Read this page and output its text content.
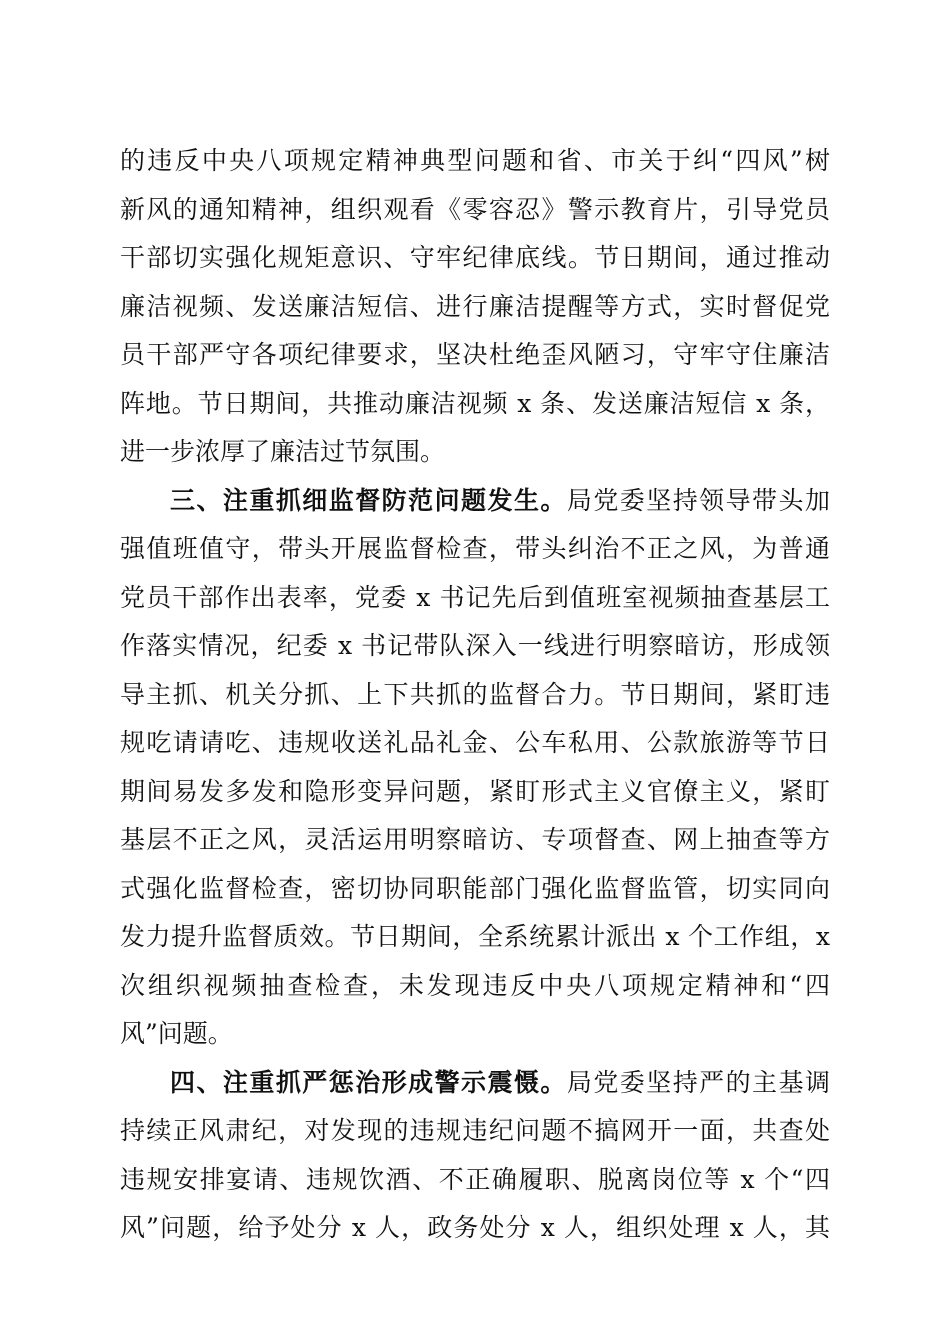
的违反中央八项规定精神典型问题和省、市关于纠“四风”树
新风的通知精神，组织观看《零容忍》警示教育片，引导党员
干部切实强化规矩意识、守牢纪律底线。节日期间，通过推动
廉洁视频、发送廉洁短信、进行廉洁提醒等方式，实时督促党
员干部严守各项纪律要求，坚决杜绝歪风陋习，守牢守住廉洁
阵地。节日期间，共推动廉洁视频 x 条、发送廉洁短信 x 条，
进一步浓厚了廉洁过节氛围。
三、注重抓细监督防范问题发生。局党委坚持领导带头加
强值班值守，带头开展监督检查，带头纠治不正之风，为普通
党员干部作出表率，党委 x 书记先后到值班室视频抽查基层工
作落实情况，纪委 x 书记带队深入一线进行明察暗访，形成领
导主抓、机关分抓、上下共抓的监督合力。节日期间，紧盯违
规吃请请吃、违规收送礼品礼金、公车私用、公款旅游等节日
期间易发多发和隐形变异问题，紧盯形式主义官僚主义，紧盯
基层不正之风，灵活运用明察暗访、专项督查、网上抽查等方
式强化监督检查，密切协同职能部门强化监督监管，切实同向
发力提升监督质效。节日期间，全系统累计派出 x 个工作组，x
次组织视频抽查检查，未发现违反中央八项规定精神和“四
风”问题。
四、注重抓严惩治形成警示震慑。局党委坚持严的主基调
持续正风肃纪，对发现的违规违纪问题不搞网开一面，共查处
违规安排宴请、违规饮酒、不正确履职、脱离岗位等 x 个“四
风”问题，给予处分 x 人，政务处分 x 人，组织处理 x 人，其
